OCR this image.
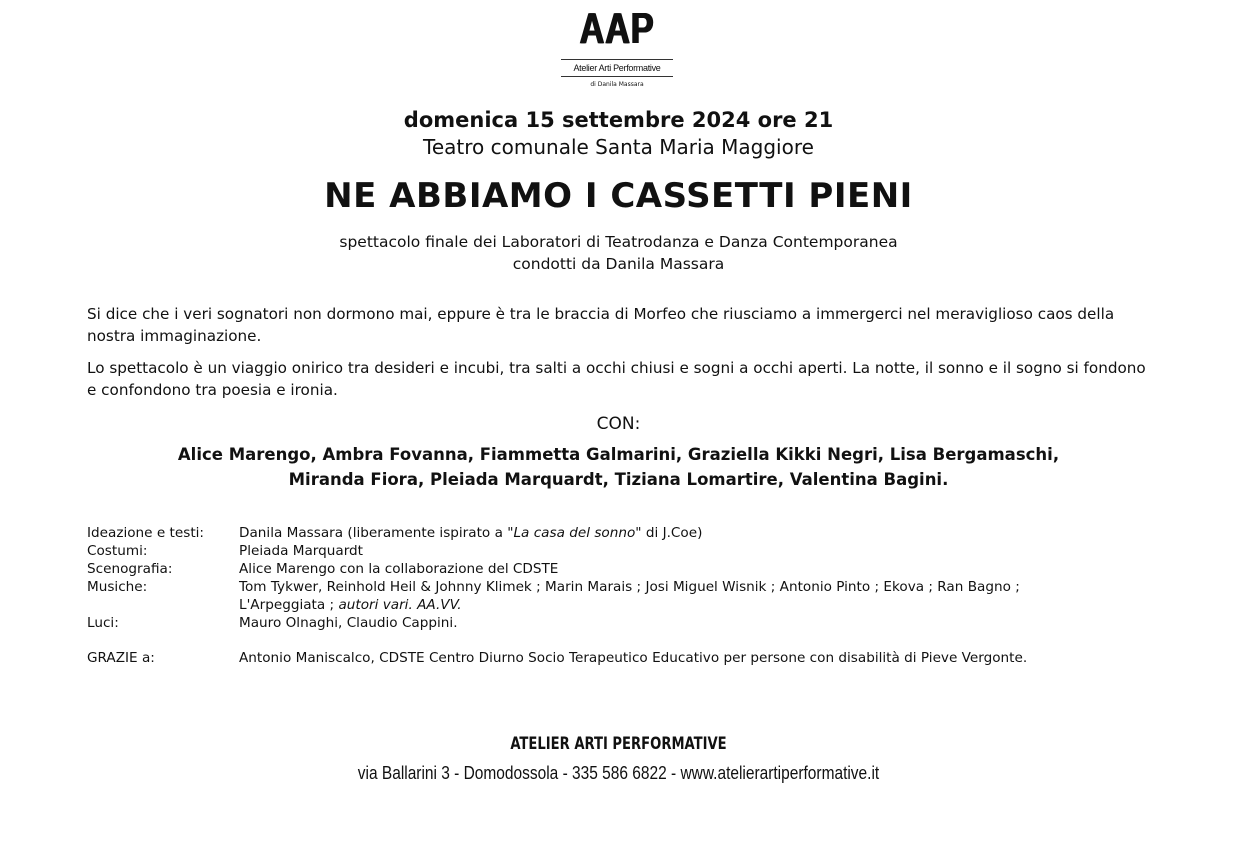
AAP
Atelier Arti Performative
di Danila Massara
domenica 15 settembre 2024 ore 21
Teatro comunale Santa Maria Maggiore
NE ABBIAMO I CASSETTI PIENI
spettacolo finale dei Laboratori di Teatrodanza e Danza Contemporanea
condotti da Danila Massara
Si dice che i veri sognatori non dormono mai, eppure è tra le braccia di Morfeo che riusciamo a immergerci nel meraviglioso caos della nostra immaginazione.
Lo spettacolo è un viaggio onirico tra desideri e incubi, tra salti a occhi chiusi e sogni a occhi aperti. La notte, il sonno e il sogno si fondono e confondono tra poesia e ironia.
CON:
Alice Marengo, Ambra Fovanna, Fiammetta Galmarini, Graziella Kikki Negri, Lisa Bergamaschi,
Miranda Fiora, Pleiada Marquardt, Tiziana Lomartire, Valentina Bagini.
Ideazione e testi:	Danila Massara (liberamente ispirato a "La casa del sonno" di J.Coe)
Costumi:	Pleiada Marquardt
Scenografia:	Alice Marengo con la collaborazione del CDSTE
Musiche:	Tom Tykwer, Reinhold Heil & Johnny Klimek ; Marin Marais ; Josi Miguel Wisnik ; Antonio Pinto ; Ekova ; Ran Bagno ;
L'Arpeggiata ; autori vari. AA.VV.
Luci:	Mauro Olnaghi, Claudio Cappini.
GRAZIE a:	Antonio Maniscalco, CDSTE Centro Diurno Socio Terapeutico Educativo per persone con disabilità di Pieve Vergonte.
ATELIER ARTI PERFORMATIVE
via Ballarini 3 - Domodossola - 335 586 6822 - www.atelierartiperformative.it
